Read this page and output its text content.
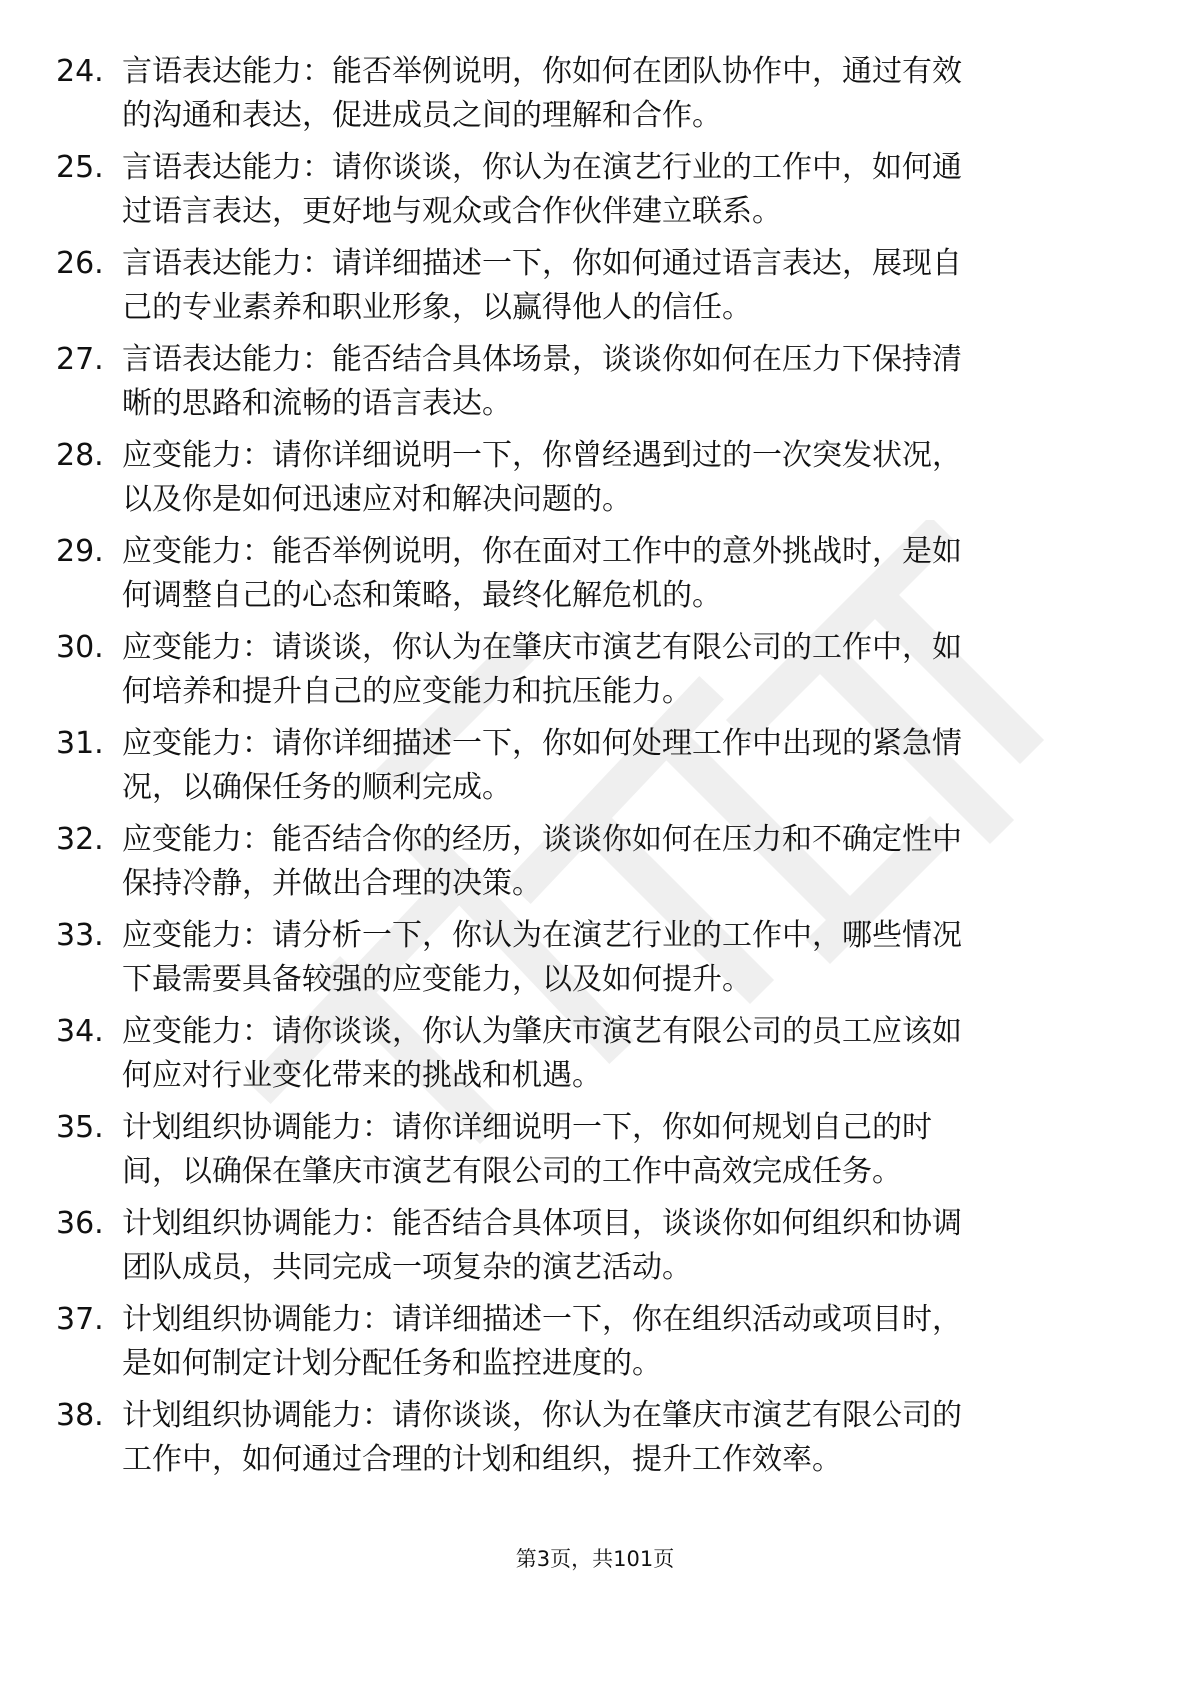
24. 言语表达能力：能否举例说明，你如何在团队协作中，通过有效
的沟通和表达，促进成员之间的理解和合作。
25. 言语表达能力：请你谈谈，你认为在演艺行业的工作中，如何通
过语言表达，更好地与观众或合作伙伴建立联系。
26. 言语表达能力：请详细描述一下，你如何通过语言表达，展现自
己的专业素养和职业形象，以赢得他人的信任。
27. 言语表达能力：能否结合具体场景，谈谈你如何在压力下保持清
晰的思路和流畅的语言表达。
28. 应变能力：请你详细说明一下，你曾经遇到过的一次突发状况，
以及你是如何迅速应对和解决问题的。
29. 应变能力：能否举例说明，你在面对工作中的意外挑战时，是如
何调整自己的心态和策略，最终化解危机的。
30. 应变能力：请谈谈，你认为在肇庆市演艺有限公司的工作中，如
何培养和提升自己的应变能力和抗压能力。
31. 应变能力：请你详细描述一下，你如何处理工作中出现的紧急情
况，以确保任务的顺利完成。
32. 应变能力：能否结合你的经历，谈谈你如何在压力和不确定性中
保持冷静，并做出合理的决策。
33. 应变能力：请分析一下，你认为在演艺行业的工作中，哪些情况
下最需要具备较强的应变能力，以及如何提升。
34. 应变能力：请你谈谈，你认为肇庆市演艺有限公司的员工应该如
何应对行业变化带来的挑战和机遇。
35. 计划组织协调能力：请你详细说明一下，你如何规划自己的时
间，以确保在肇庆市演艺有限公司的工作中高效完成任务。
36. 计划组织协调能力：能否结合具体项目，谈谈你如何组织和协调
团队成员，共同完成一项复杂的演艺活动。
37. 计划组织协调能力：请详细描述一下，你在组织活动或项目时，
是如何制定计划分配任务和监控进度的。
38. 计划组织协调能力：请你谈谈，你认为在肇庆市演艺有限公司的
工作中，如何通过合理的计划和组织，提升工作效率。
第3页，共101页
